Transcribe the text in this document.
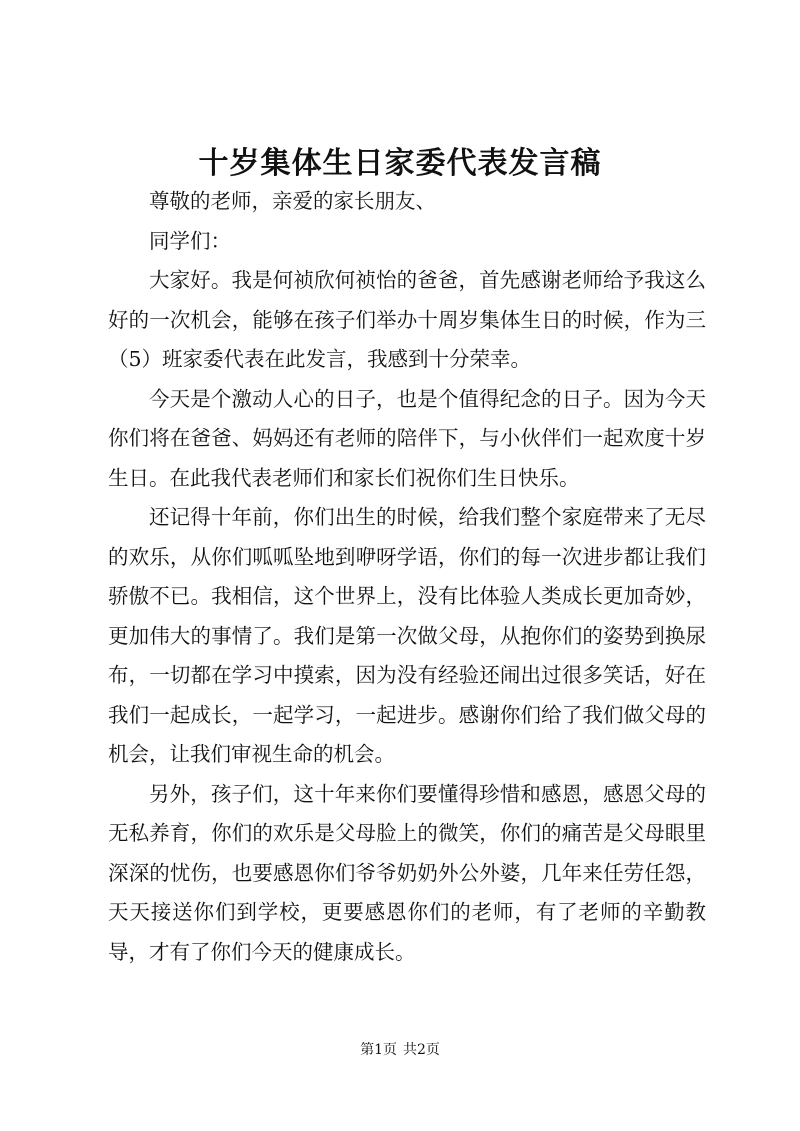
十岁集体生日家委代表发言稿

尊敬的老师，亲爱的家长朋友、

同学们：

大家好。我是何祯欣何祯怡的爸爸，首先感谢老师给予我这么好的一次机会，能够在孩子们举办十周岁集体生日的时候，作为三（5）班家委代表在此发言，我感到十分荣幸。

今天是个激动人心的日子，也是个值得纪念的日子。因为今天你们将在爸爸、妈妈还有老师的陪伴下，与小伙伴们一起欢度十岁生日。在此我代表老师们和家长们祝你们生日快乐。

还记得十年前，你们出生的时候，给我们整个家庭带来了无尽的欢乐，从你们呱呱坠地到咿呀学语，你们的每一次进步都让我们骄傲不已。我相信，这个世界上，没有比体验人类成长更加奇妙，更加伟大的事情了。我们是第一次做父母，从抱你们的姿势到换尿布，一切都在学习中摸索，因为没有经验还闹出过很多笑话，好在我们一起成长，一起学习，一起进步。感谢你们给了我们做父母的机会，让我们审视生命的机会。

另外，孩子们，这十年来你们要懂得珍惜和感恩，感恩父母的无私养育，你们的欢乐是父母脸上的微笑，你们的痛苦是父母眼里深深的忧伤，也要感恩你们爷爷奶奶外公外婆，几年来任劳任怨，天天接送你们到学校，更要感恩你们的老师，有了老师的辛勤教导，才有了你们今天的健康成长。

第1页 共2页
